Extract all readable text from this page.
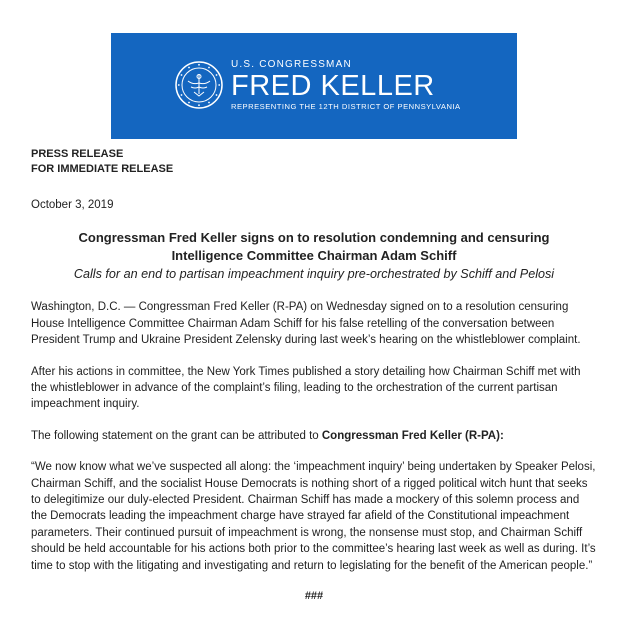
U.S. CONGRESSMAN
FRED KELLER
REPRESENTING THE 12TH DISTRICT OF PENNSYLVANIA
PRESS RELEASE
FOR IMMEDIATE RELEASE
October 3, 2019
Congressman Fred Keller signs on to resolution condemning and censuring
Intelligence Committee Chairman Adam Schiff
Calls for an end to partisan impeachment inquiry pre-orchestrated by Schiff and Pelosi
Washington, D.C. — Congressman Fred Keller (R-PA) on Wednesday signed on to a resolution censuring House Intelligence Committee Chairman Adam Schiff for his false retelling of the conversation between President Trump and Ukraine President Zelensky during last week’s hearing on the whistleblower complaint.
After his actions in committee, the New York Times published a story detailing how Chairman Schiff met with the whistleblower in advance of the complaint’s filing, leading to the orchestration of the current partisan impeachment inquiry.
The following statement on the grant can be attributed to Congressman Fred Keller (R-PA):
“We now know what we’ve suspected all along: the ‘impeachment inquiry’ being undertaken by Speaker Pelosi, Chairman Schiff, and the socialist House Democrats is nothing short of a rigged political witch hunt that seeks to delegitimize our duly-elected President. Chairman Schiff has made a mockery of this solemn process and the Democrats leading the impeachment charge have strayed far afield of the Constitutional impeachment parameters. Their continued pursuit of impeachment is wrong, the nonsense must stop, and Chairman Schiff should be held accountable for his actions both prior to the committee’s hearing last week as well as during. It’s time to stop with the litigating and investigating and return to legislating for the benefit of the American people.”
###
